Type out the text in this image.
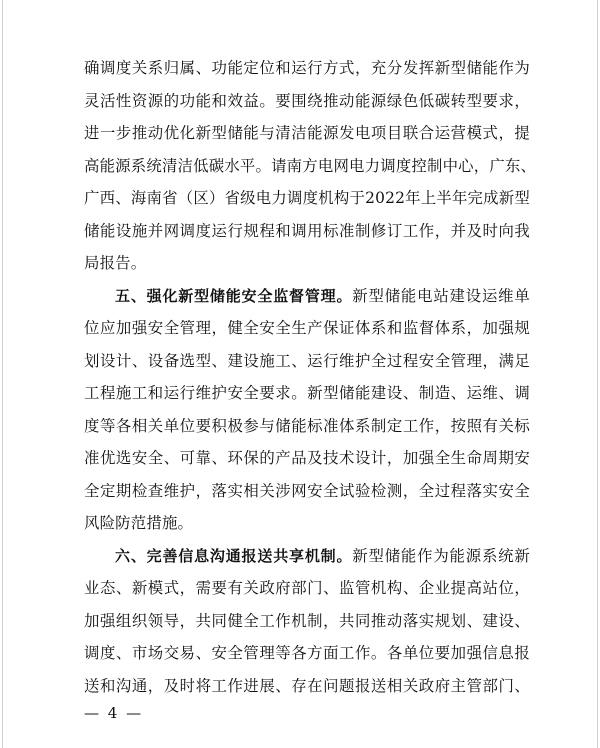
确调度关系归属、功能定位和运行方式，充分发挥新型储能作为
灵活性资源的功能和效益。要围绕推动能源绿色低碳转型要求，
进一步推动优化新型储能与清洁能源发电项目联合运营模式，提
高能源系统清洁低碳水平。请南方电网电力调度控制中心，广东、
广西、海南省（区）省级电力调度机构于2022年上半年完成新型
储能设施并网调度运行规程和调用标准制修订工作，并及时向我
局报告。
五、强化新型储能安全监督管理。新型储能电站建设运维单
位应加强安全管理，健全安全生产保证体系和监督体系，加强规
划设计、设备选型、建设施工、运行维护全过程安全管理，满足
工程施工和运行维护安全要求。新型储能建设、制造、运维、调
度等各相关单位要积极参与储能标准体系制定工作，按照有关标
准优选安全、可靠、环保的产品及技术设计，加强全生命周期安
全定期检查维护，落实相关涉网安全试验检测，全过程落实安全
风险防范措施。
六、完善信息沟通报送共享机制。新型储能作为能源系统新
业态、新模式，需要有关政府部门、监管机构、企业提高站位，
加强组织领导，共同健全工作机制，共同推动落实规划、建设、
调度、市场交易、安全管理等各方面工作。各单位要加强信息报
送和沟通，及时将工作进展、存在问题报送相关政府主管部门、
— 4 —
